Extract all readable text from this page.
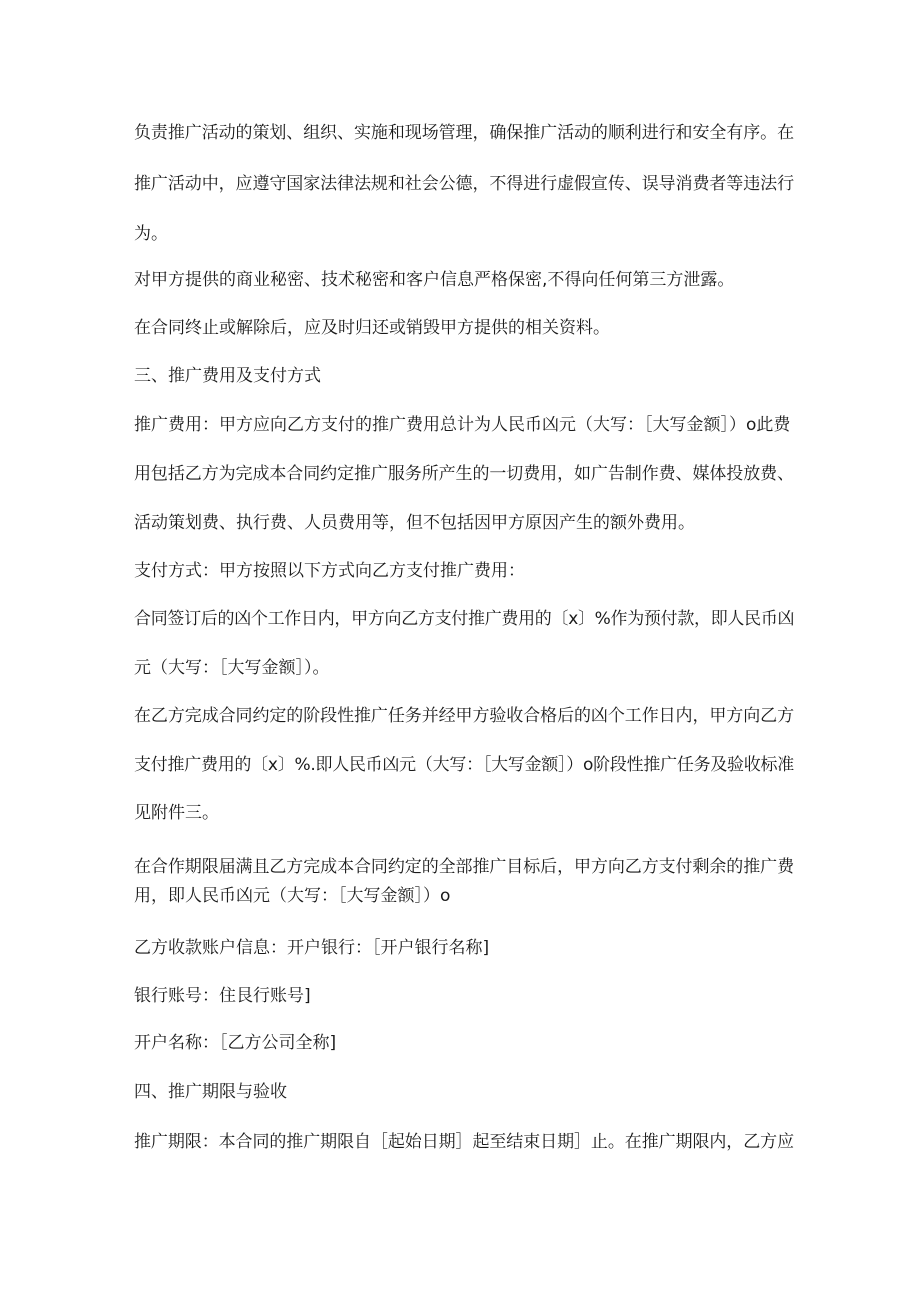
负责推广活动的策划、组织、实施和现场管理，确保推广活动的顺利进行和安全有序。在
推广活动中，应遵守国家法律法规和社会公德，不得进行虚假宣传、误导消费者等违法行
为。
对甲方提供的商业秘密、技术秘密和客户信息严格保密,不得向任何第三方泄露。
在合同终止或解除后，应及时归还或销毁甲方提供的相关资料。
三、推广费用及支付方式
推广费用：甲方应向乙方支付的推广费用总计为人民币凶元（大写：［大写金额］）o此费
用包括乙方为完成本合同约定推广服务所产生的一切费用，如广告制作费、媒体投放费、
活动策划费、执行费、人员费用等，但不包括因甲方原因产生的额外费用。
支付方式：甲方按照以下方式向乙方支付推广费用：
合同签订后的凶个工作日内，甲方向乙方支付推广费用的〔x〕%作为预付款，即人民币凶
元（大写：［大写金额］）。
在乙方完成合同约定的阶段性推广任务并经甲方验收合格后的凶个工作日内，甲方向乙方
支付推广费用的〔x〕%.即人民币凶元（大写：［大写金额］）o阶段性推广任务及验收标准
见附件三。
在合作期限届满且乙方完成本合同约定的全部推广目标后，甲方向乙方支付剩余的推广费
用，即人民币凶元（大写：［大写金额］）o
乙方收款账户信息：开户银行：［开户银行名称]
银行账号：住艮行账号]
开户名称：［乙方公司全称]
四、推广期限与验收
推广期限：本合同的推广期限自［起始日期］起至结束日期］止。在推广期限内，乙方应
